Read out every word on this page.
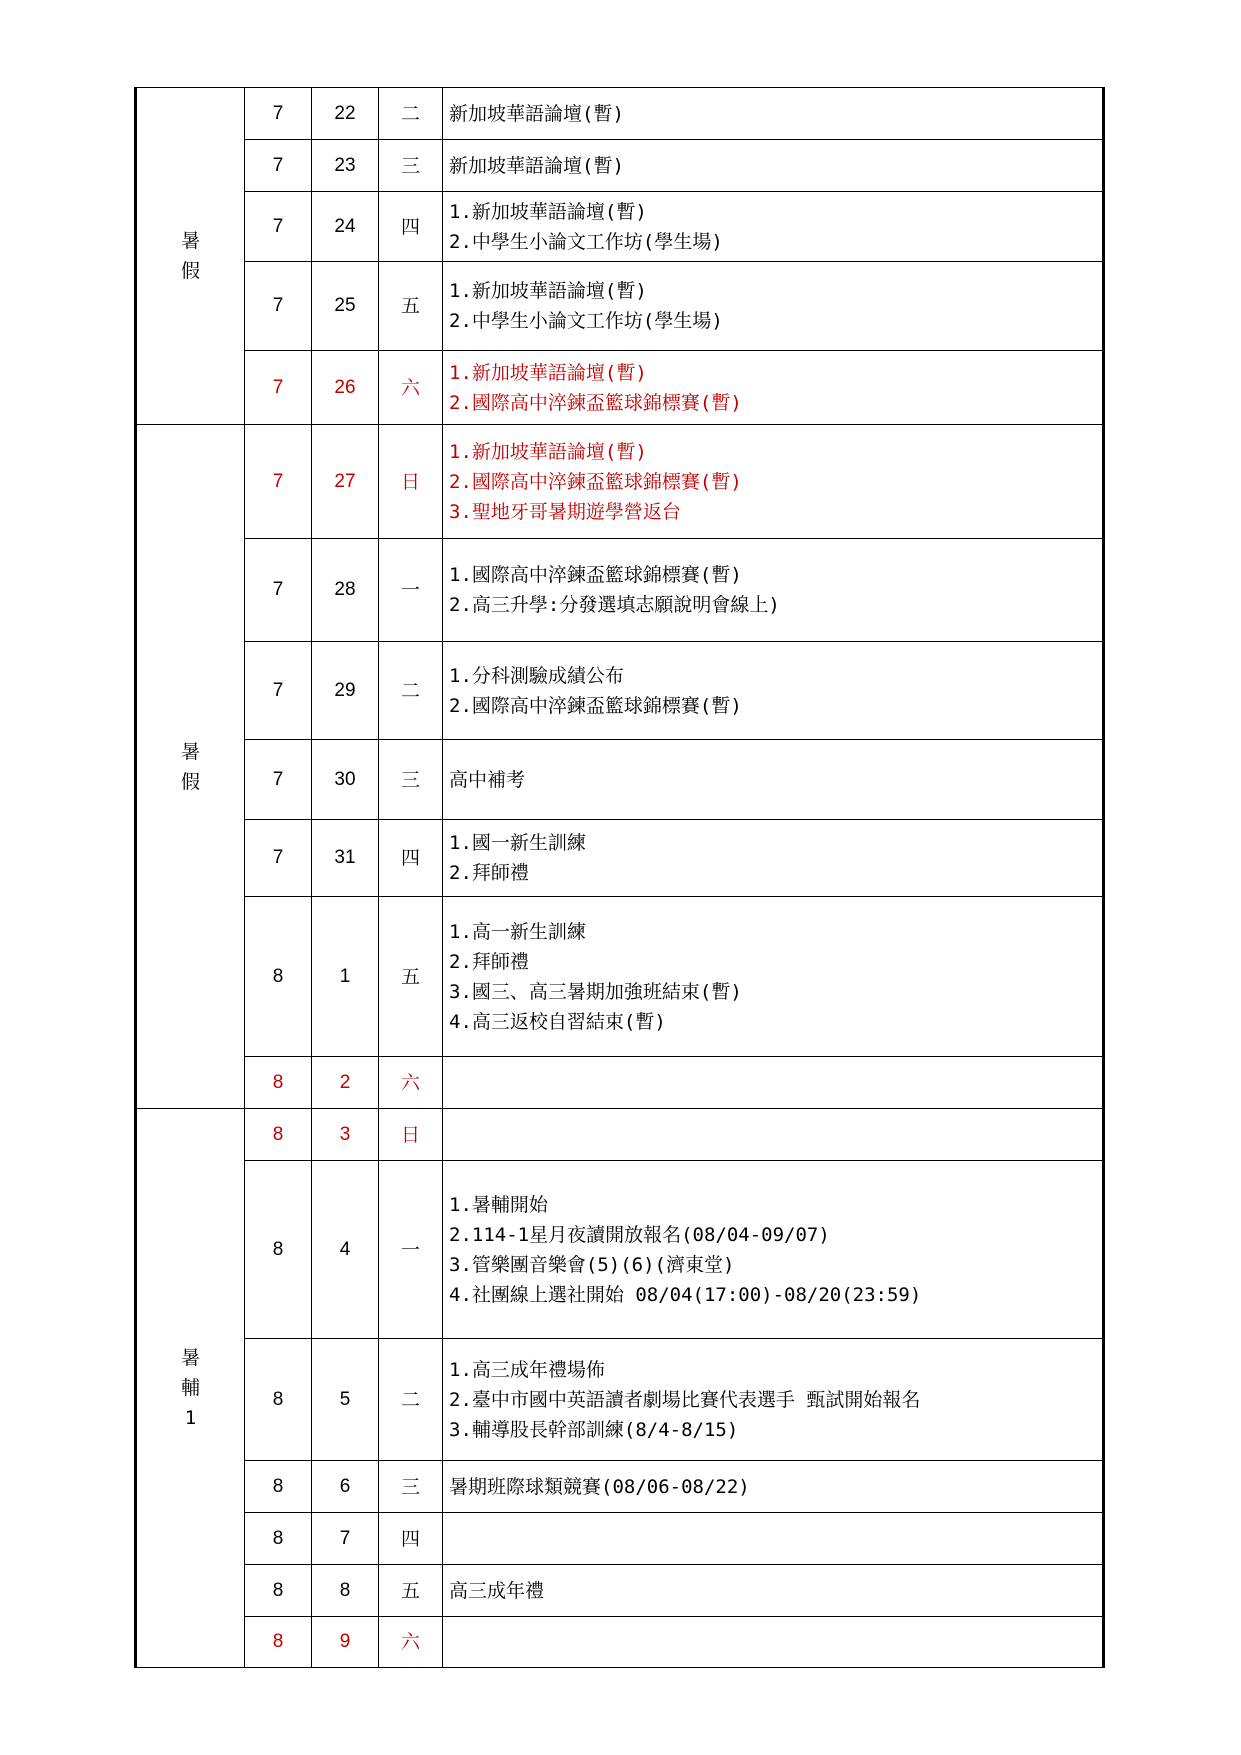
暑假	7	22	二	新加坡華語論壇(暫)

	7	23	三	新加坡華語論壇(暫)

	7	24	四	1.新加坡華語論壇(暫)
2.中學生小論文工作坊(學生場)

	7	25	五	1.新加坡華語論壇(暫)
2.中學生小論文工作坊(學生場)

	7	26	六	1.新加坡華語論壇(暫)
2.國際高中淬鍊盃籃球錦標賽(暫)

暑假	7	27	日	1.新加坡華語論壇(暫)
2.國際高中淬鍊盃籃球錦標賽(暫)
3.聖地牙哥暑期遊學營返台

	7	28	一	1.國際高中淬鍊盃籃球錦標賽(暫)
2.高三升學:分發選填志願說明會線上)

	7	29	二	1.分科測驗成績公布
2.國際高中淬鍊盃籃球錦標賽(暫)

	7	30	三	高中補考

	7	31	四	1.國一新生訓練
2.拜師禮

	8	1	五	1.高一新生訓練
2.拜師禮
3.國三、高三暑期加強班結束(暫)
4.高三返校自習結束(暫)

	8	2	六	
暑輔1	8	3	日	
	8	4	一	1.暑輔開始
2.114-1星月夜讀開放報名(08/04-09/07)
3.管樂團音樂會(5)(6)(濟東堂)
4.社團線上選社開始 08/04(17:00)-08/20(23:59)

	8	5	二	1.高三成年禮場佈
2.臺中市國中英語讀者劇場比賽代表選手 甄試開始報名
3.輔導股長幹部訓練(8/4-8/15)

	8	6	三	暑期班際球類競賽(08/06-08/22)

	8	7	四	
	8	8	五	高三成年禮

	8	9	六	
